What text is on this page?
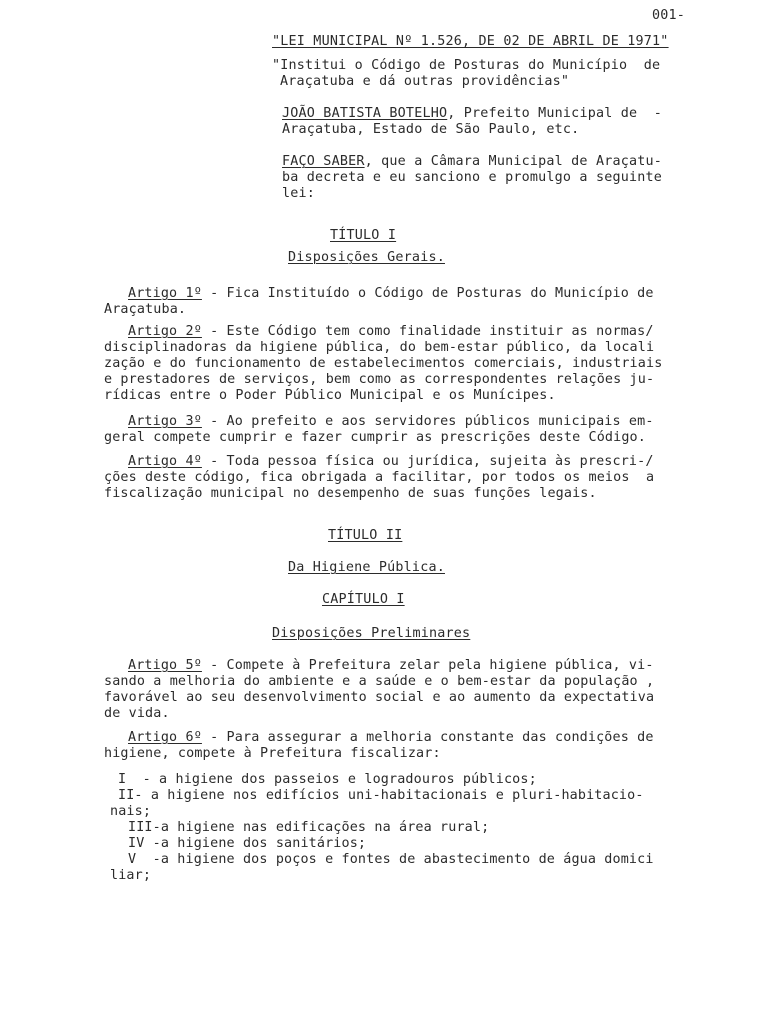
001-
"LEI MUNICIPAL Nº 1.526, DE 02 DE ABRIL DE 1971"
"Institui o Código de Posturas do Município  de
Araçatuba e dá outras providências"
JOÃO BATISTA BOTELHO, Prefeito Municipal de  -
Araçatuba, Estado de São Paulo, etc.
FAÇO SABER, que a Câmara Municipal de Araçatu-
ba decreta e eu sanciono e promulgo a seguinte
lei:
TÍTULO I
Disposições Gerais.
Artigo 1º - Fica Instituído o Código de Posturas do Município de
Araçatuba.
Artigo 2º - Este Código tem como finalidade instituir as normas/
disciplinadoras da higiene pública, do bem-estar público, da locali
zação e do funcionamento de estabelecimentos comerciais, industriais
e prestadores de serviços, bem como as correspondentes relações ju-
rídicas entre o Poder Público Municipal e os Munícipes.
Artigo 3º - Ao prefeito e aos servidores públicos municipais em-
geral compete cumprir e fazer cumprir as prescrições deste Código.
Artigo 4º - Toda pessoa física ou jurídica, sujeita às prescri-/
ções deste código, fica obrigada a facilitar, por todos os meios  a
fiscalização municipal no desempenho de suas funções legais.
TÍTULO II
Da Higiene Pública.
CAPÍTULO I
Disposições Preliminares
Artigo 5º - Compete à Prefeitura zelar pela higiene pública, vi-
sando a melhoria do ambiente e a saúde e o bem-estar da população ,
favorável ao seu desenvolvimento social e ao aumento da expectativa
de vida.
Artigo 6º - Para assegurar a melhoria constante das condições de
higiene, compete à Prefeitura fiscalizar:
I  - a higiene dos passeios e logradouros públicos;
II- a higiene nos edifícios uni-habitacionais e pluri-habitacio-
nais;
III-a higiene nas edificações na área rural;
IV -a higiene dos sanitários;
V  -a higiene dos poços e fontes de abastecimento de água domici
liar;
